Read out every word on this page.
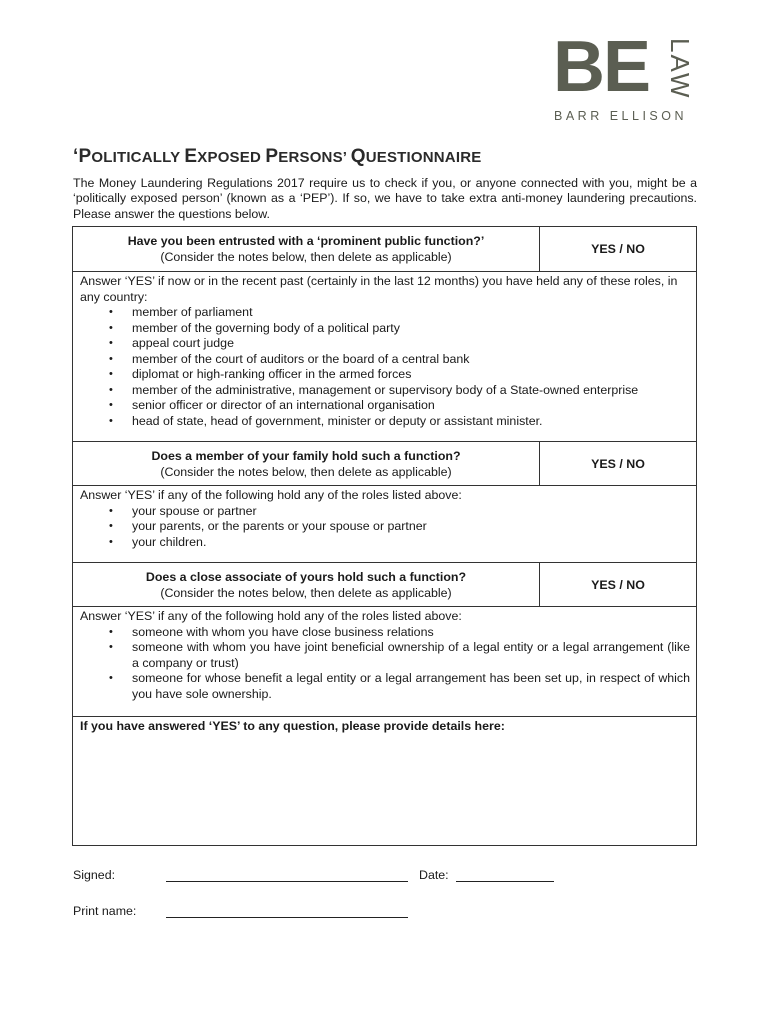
BE LAW
BARR ELLISON
‘POLITICALLY EXPOSED PERSONS’ QUESTIONNAIRE
The Money Laundering Regulations 2017 require us to check if you, or anyone connected with you, might be a ‘politically exposed person’ (known as a ‘PEP’). If so, we have to take extra anti-money laundering precautions. Please answer the questions below.
Have you been entrusted with a ‘prominent public function?’
(Consider the notes below, then delete as applicable)
YES / NO
Answer ‘YES’ if now or in the recent past (certainly in the last 12 months) you have held any of these roles, in any country:
• member of parliament
• member of the governing body of a political party
• appeal court judge
• member of the court of auditors or the board of a central bank
• diplomat or high-ranking officer in the armed forces
• member of the administrative, management or supervisory body of a State-owned enterprise
• senior officer or director of an international organisation
• head of state, head of government, minister or deputy or assistant minister.
Does a member of your family hold such a function?
(Consider the notes below, then delete as applicable)
YES / NO
Answer ‘YES’ if any of the following hold any of the roles listed above:
• your spouse or partner
• your parents, or the parents or your spouse or partner
• your children.
Does a close associate of yours hold such a function?
(Consider the notes below, then delete as applicable)
YES / NO
Answer ‘YES’ if any of the following hold any of the roles listed above:
• someone with whom you have close business relations
• someone with whom you have joint beneficial ownership of a legal entity or a legal arrangement (like a company or trust)
• someone for whose benefit a legal entity or a legal arrangement has been set up, in respect of which you have sole ownership.
If you have answered ‘YES’ to any question, please provide details here:
Signed:	Date:
Print name:
